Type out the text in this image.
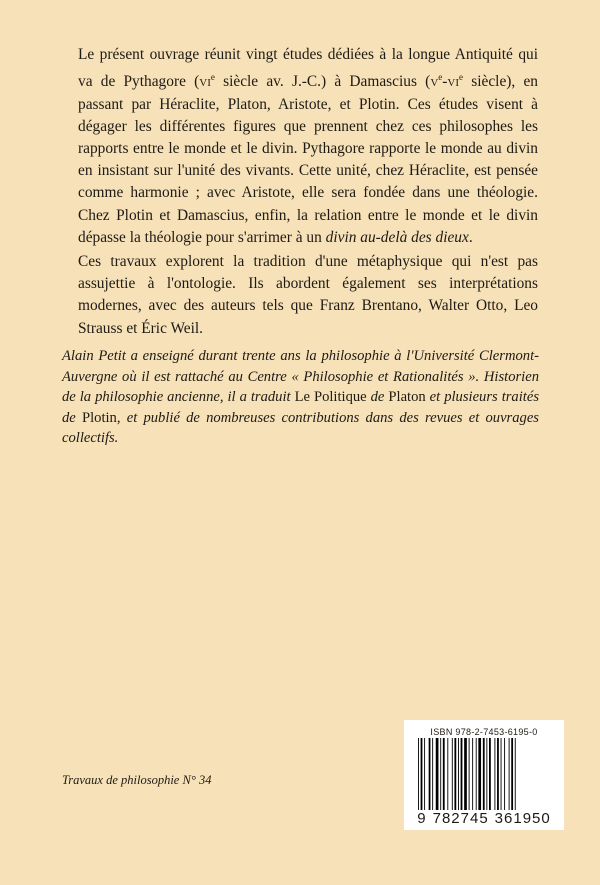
Le présent ouvrage réunit vingt études dédiées à la longue Antiquité qui va de Pythagore ($vi^e$ siècle av. J.-C.) à Damascius ($v^e-vi^e$ siècle), en passant par Héraclite, Platon, Aristote, et Plotin. Ces études visent à dégager les différentes figures que prennent chez ces philosophes les rapports entre le monde et le divin. Pythagore rapporte le monde au divin en insistant sur l'unité des vivants. Cette unité, chez Héraclite, est pensée comme harmonie ; avec Aristote, elle sera fondée dans une théologie. Chez Plotin et Damascius, enfin, la relation entre le monde et le divin dépasse la théologie pour s'arrimer à un divin au-delà des dieux.

Ces travaux explorent la tradition d'une métaphysique qui n'est pas assujettie à l'ontologie. Ils abordent également ses interprétations modernes, avec des auteurs tels que Franz Brentano, Walter Otto, Leo Strauss et Éric Weil.

Alain Petit a enseigné durant trente ans la philosophie à l'Université Clermont-Auvergne où il est rattaché au Centre « Philosophie et Rationalités ». Historien de la philosophie ancienne, il a traduit Le Politique de Platon et plusieurs traités de Plotin, et publié de nombreuses contributions dans des revues et ouvrages collectifs.
Travaux de philosophie N° 34
ISBN 978-2-7453-6195-0
9 782745 361950
